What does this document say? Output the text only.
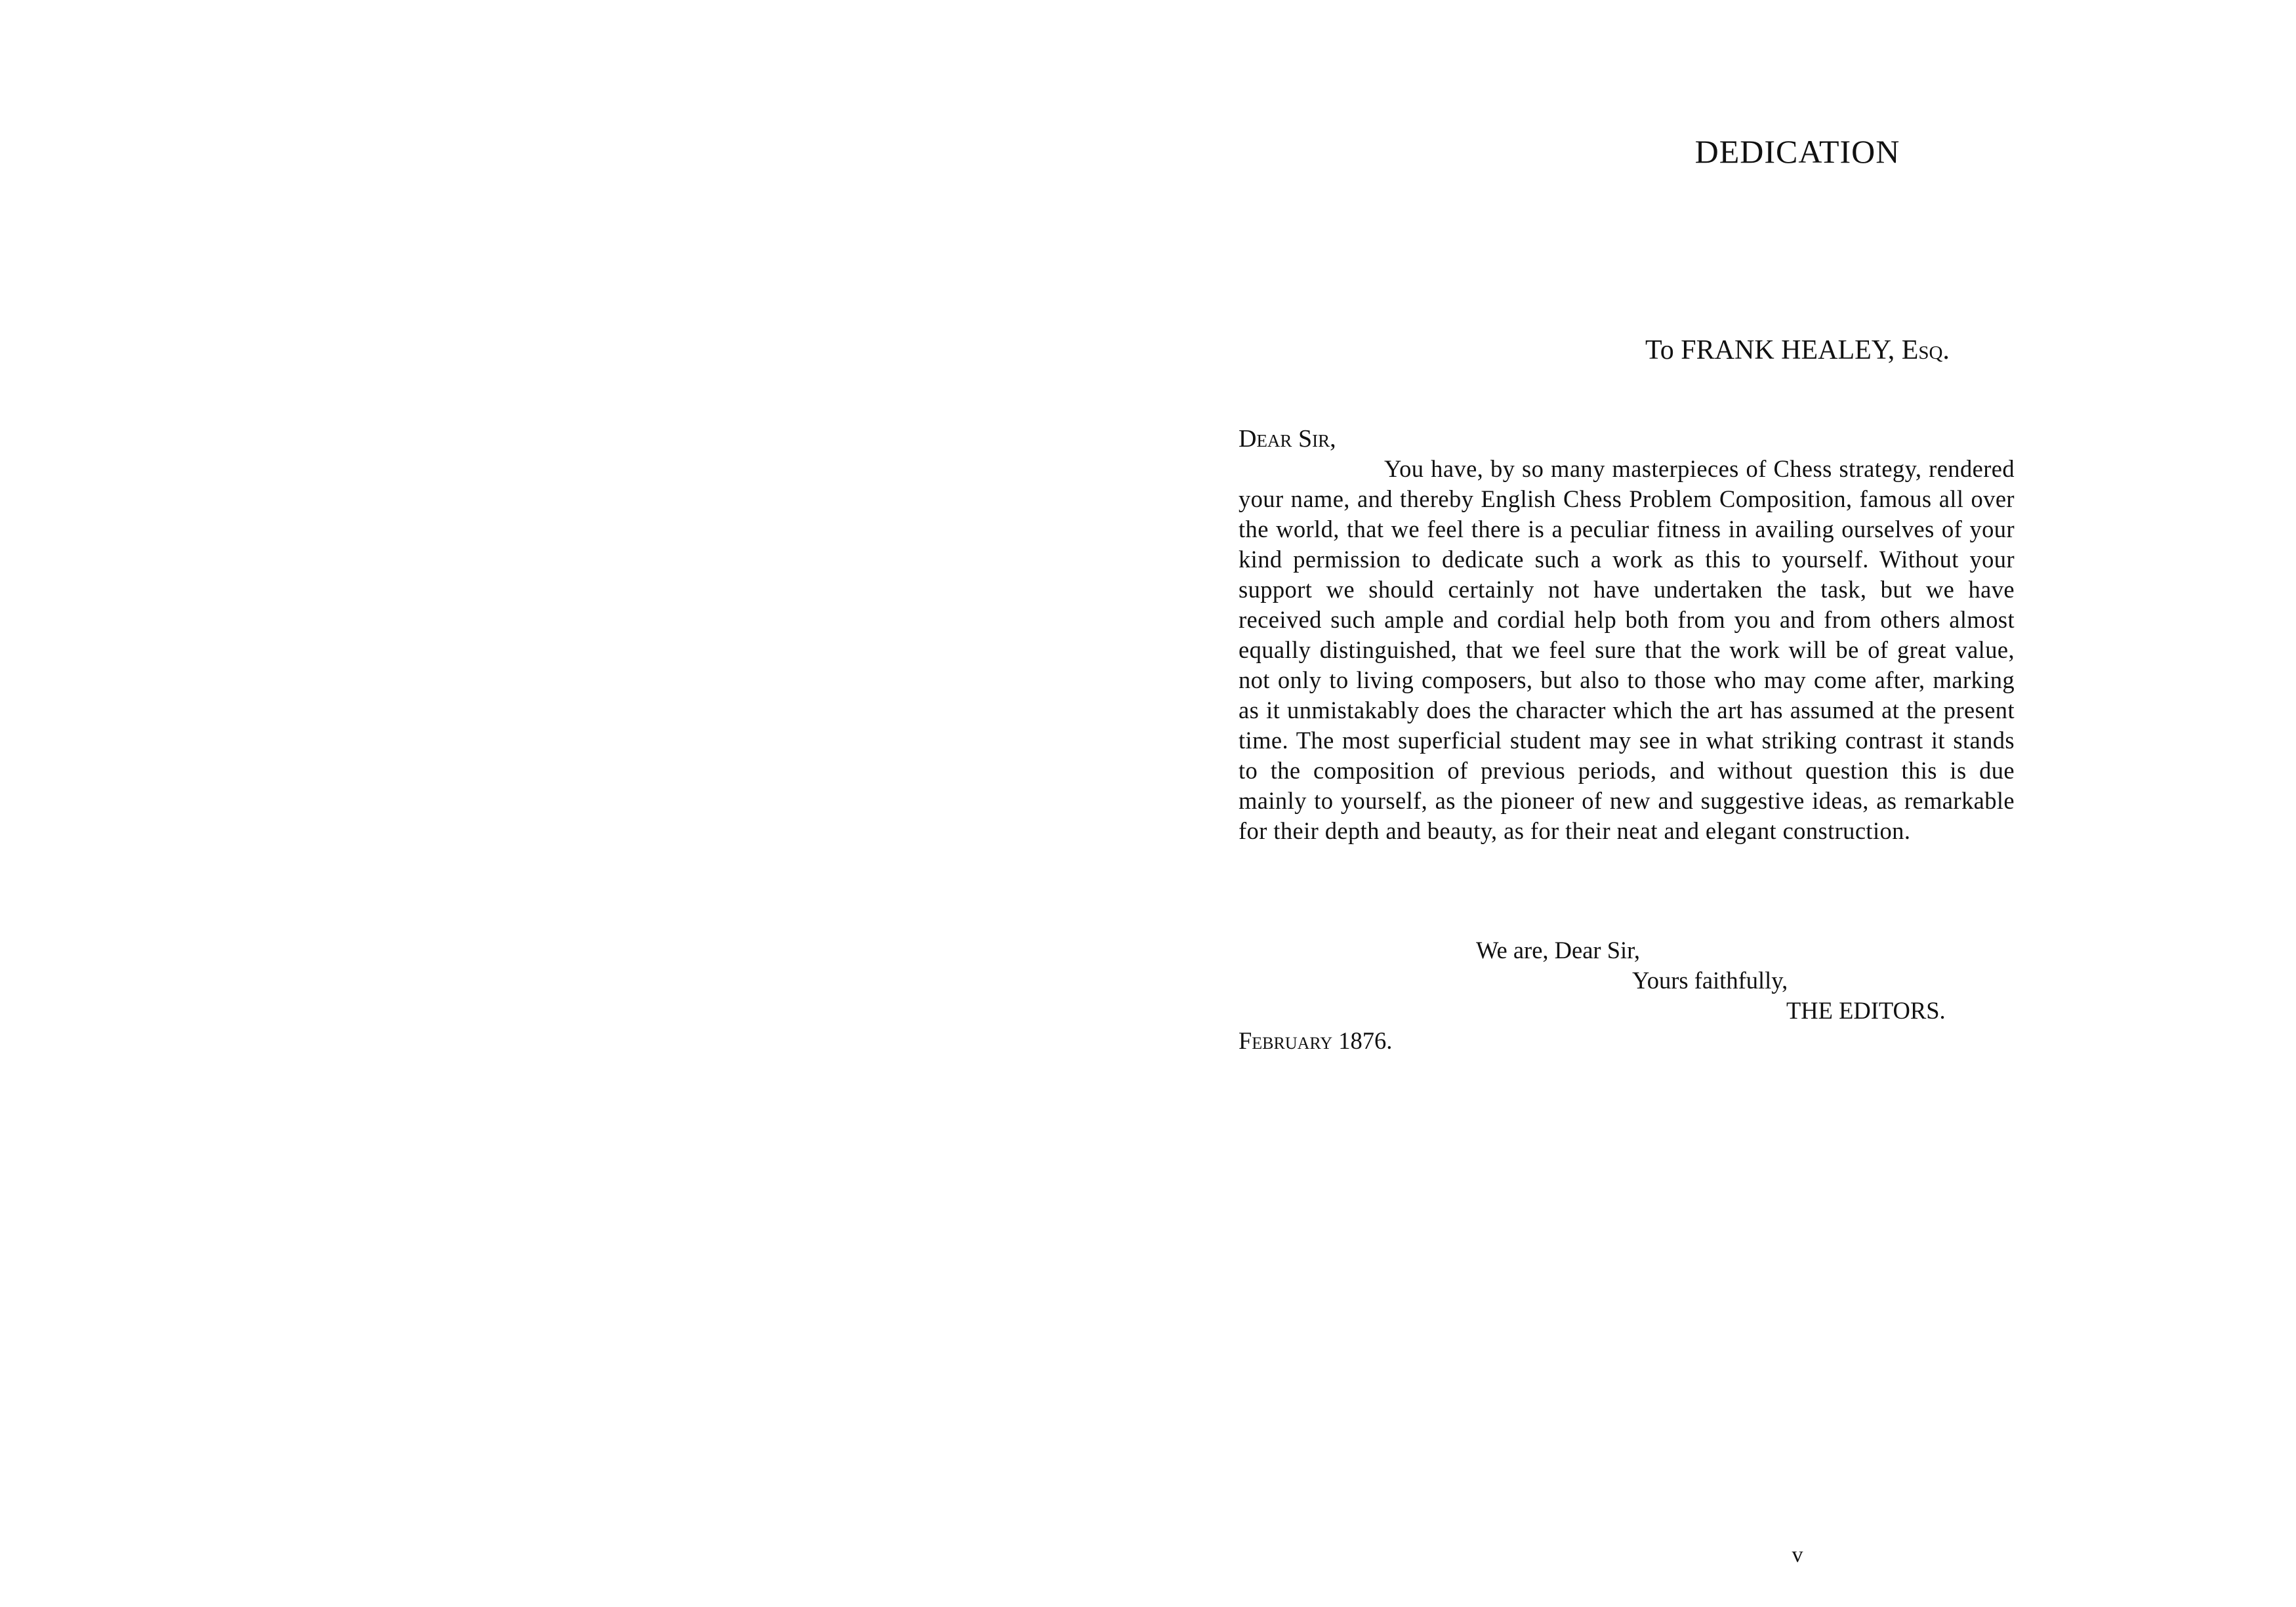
DEDICATION
To FRANK HEALEY, Esq.
Dear Sir,

You have, by so many masterpieces of Chess strategy, rendered your name, and thereby English Chess Problem Composition, famous all over the world, that we feel there is a peculiar fitness in availing ourselves of your kind permission to dedicate such a work as this to yourself. Without your support we should certainly not have undertaken the task, but we have received such ample and cordial help both from you and from others almost equally distinguished, that we feel sure that the work will be of great value, not only to living composers, but also to those who may come after, marking as it unmistakably does the character which the art has assumed at the present time. The most superficial student may see in what striking contrast it stands to the composition of previous periods, and without question this is due mainly to yourself, as the pioneer of new and suggestive ideas, as remarkable for their depth and beauty, as for their neat and elegant construction.

We are, Dear Sir,
Yours faithfully,
THE EDITORS.
February 1876.
v
